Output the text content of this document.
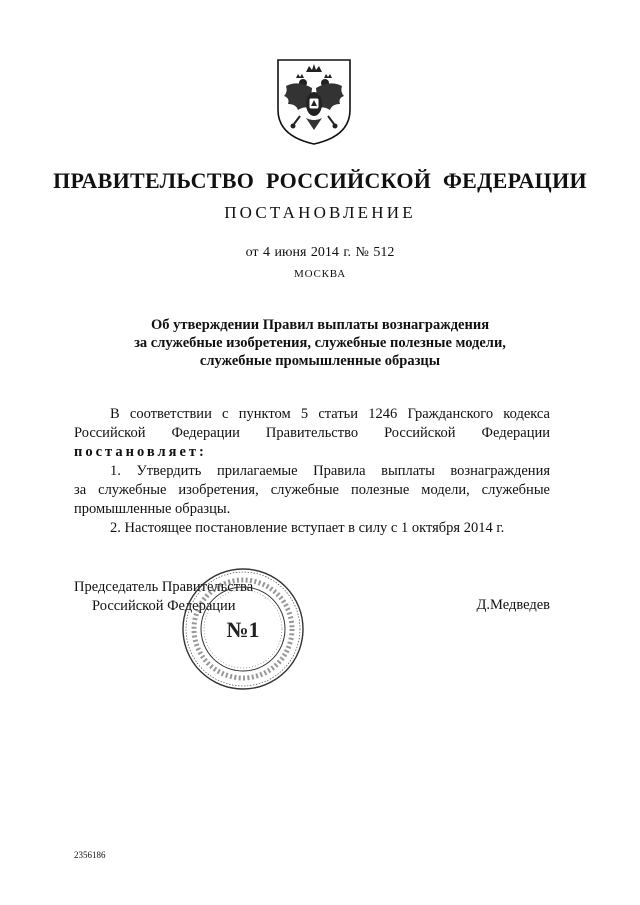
ПРАВИТЕЛЬСТВО РОССИЙСКОЙ ФЕДЕРАЦИИ
ПОСТАНОВЛЕНИЕ
от 4 июня 2014 г. № 512
МОСКВА
Об утверждении Правил выплаты вознаграждения
за служебные изобретения, служебные полезные модели,
служебные промышленные образцы

В соответствии с пунктом 5 статьи 1246 Гражданского кодекса

Российской Федерации Правительство Российской Федерации

постановляет:

1. Утвердить прилагаемые Правила выплаты вознаграждения

за служебные изобретения, служебные полезные модели, служебные

промышленные образцы.

2. Настоящее постановление вступает в силу с 1 октября 2014 г.

Председатель Правительства
Российской Федерации	Д.Медведев
№1
2356186
